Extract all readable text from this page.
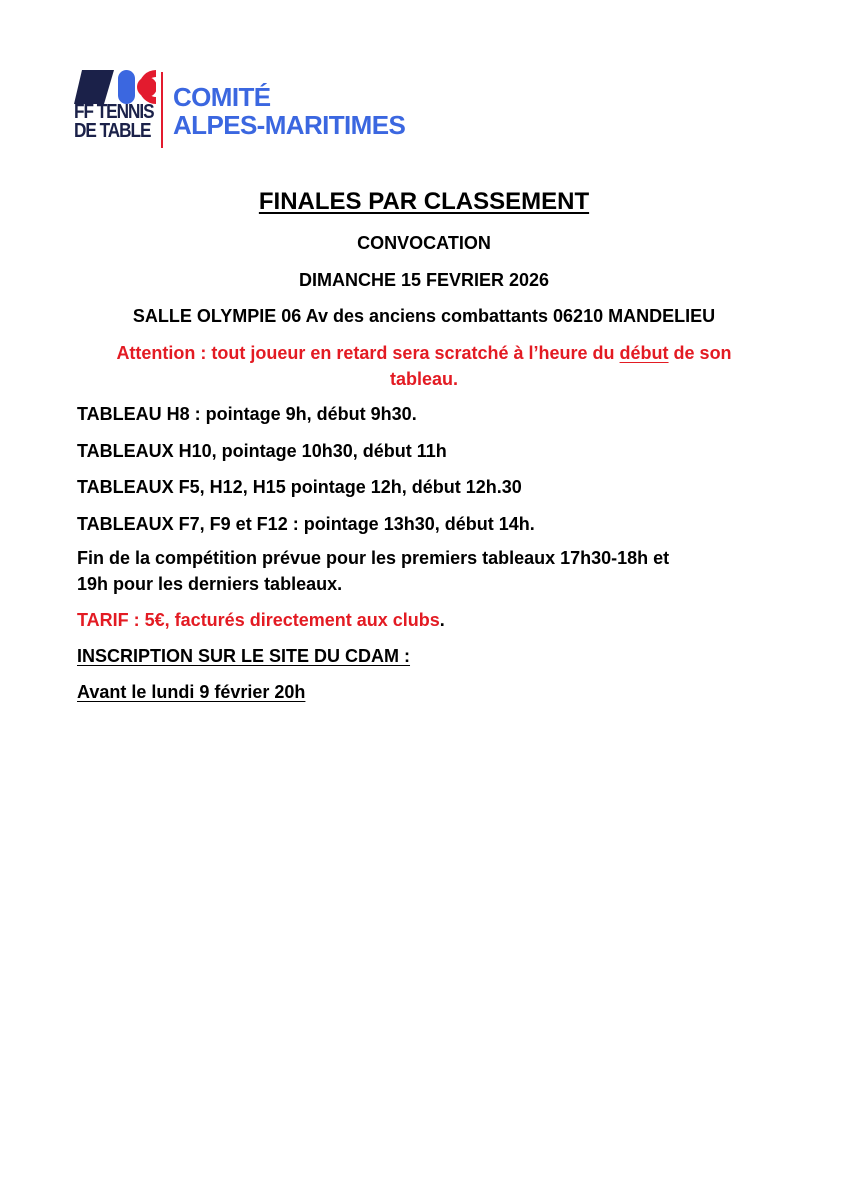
FF TENNIS
DE TABLE
COMITÉ
ALPES-MARITIMES
FINALES PAR CLASSEMENT
CONVOCATION
DIMANCHE 15 FEVRIER 2026
SALLE OLYMPIE 06 Av des anciens combattants 06210 MANDELIEU
Attention : tout joueur en retard sera scratché à l’heure du début de son
tableau.
TABLEAU H8 : pointage 9h, début 9h30.
TABLEAUX H10, pointage 10h30, début 11h
TABLEAUX F5, H12, H15 pointage 12h, début 12h.30
TABLEAUX F7, F9 et F12 : pointage 13h30, début 14h.
Fin de la compétition prévue pour les premiers tableaux 17h30-18h et
19h pour les derniers tableaux.
TARIF : 5€, facturés directement aux clubs.
INSCRIPTION SUR LE SITE DU CDAM :
Avant le lundi 9 février 20h
